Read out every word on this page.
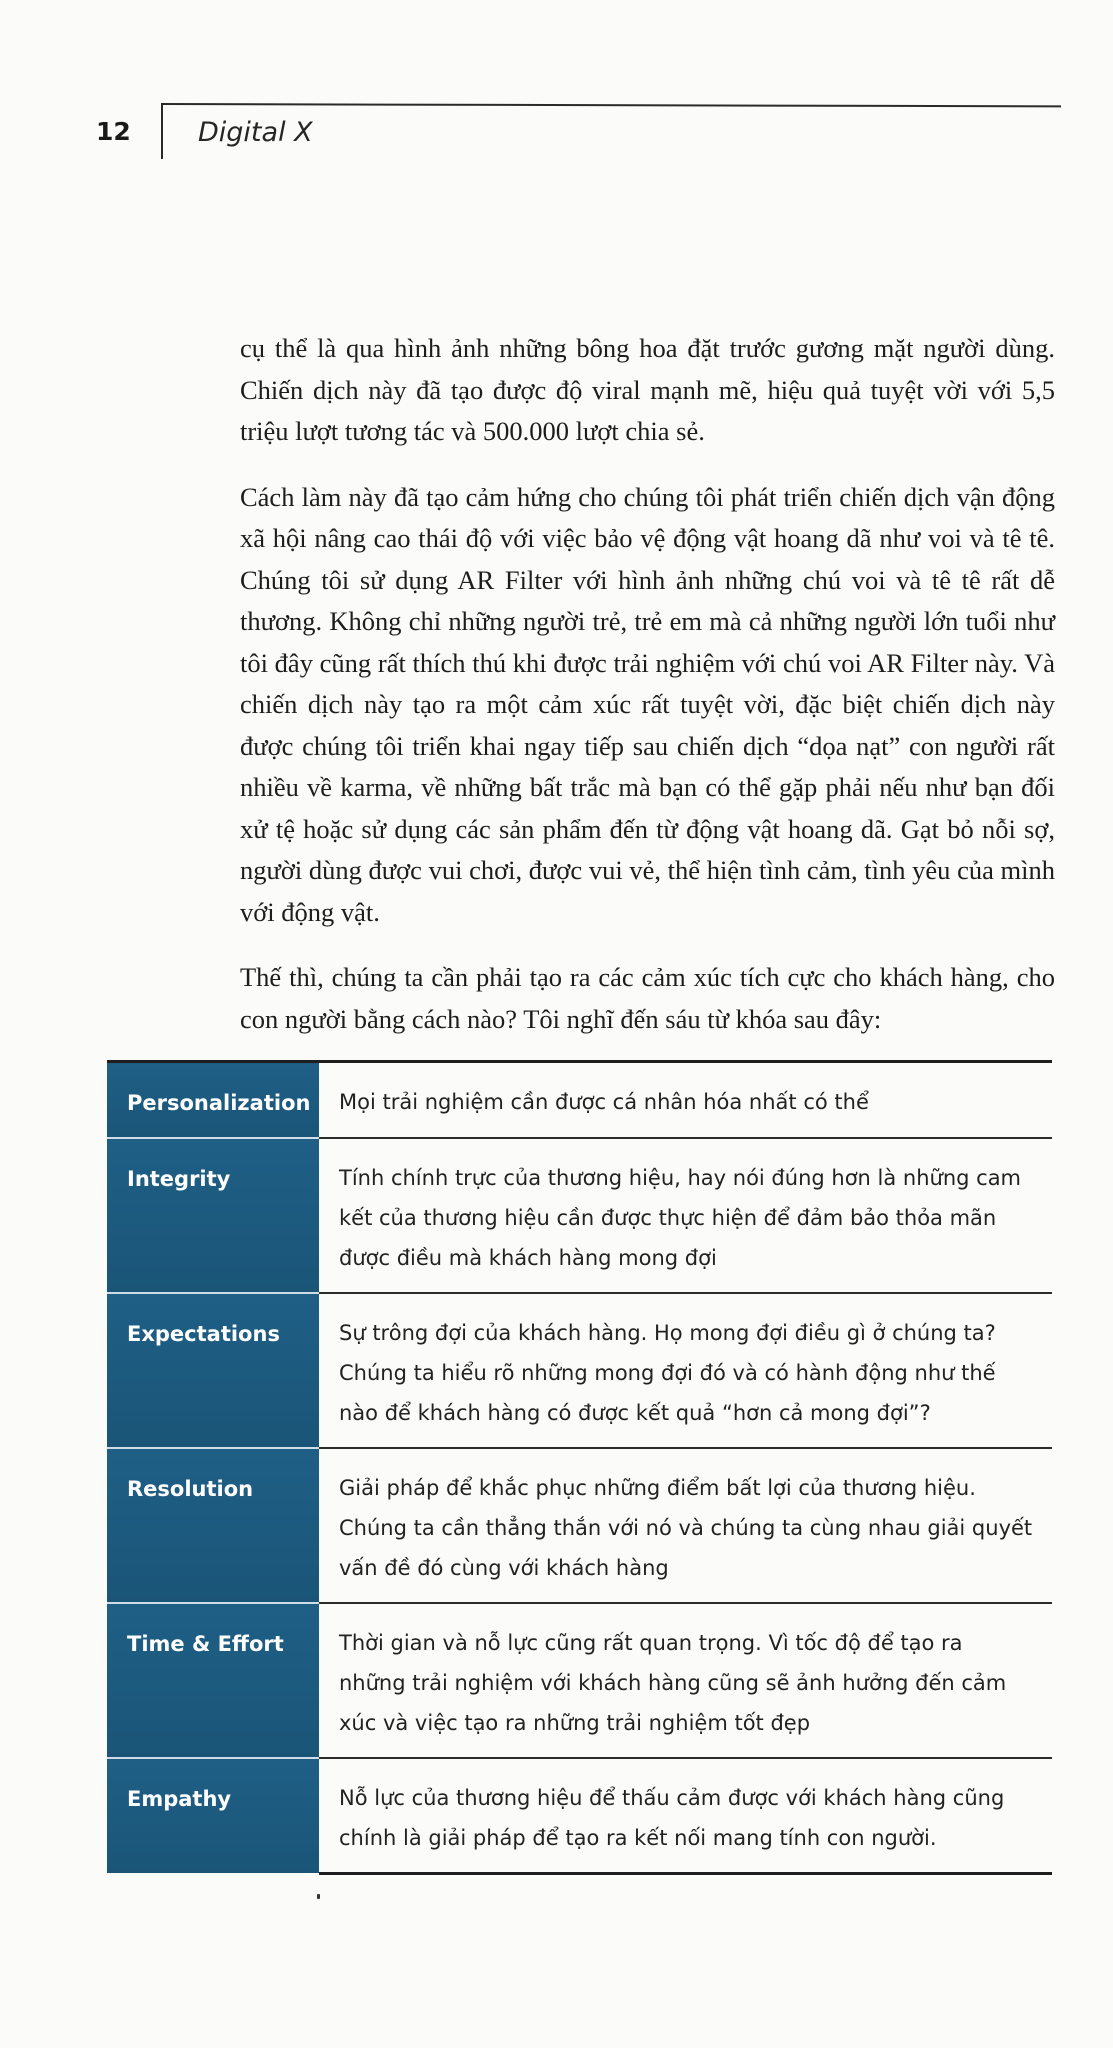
12 Digital X

cụ thể là qua hình ảnh những bông hoa đặt trước gương mặt người dùng. Chiến dịch này đã tạo được độ viral mạnh mẽ, hiệu quả tuyệt vời với 5,5 triệu lượt tương tác và 500.000 lượt chia sẻ.

Cách làm này đã tạo cảm hứng cho chúng tôi phát triển chiến dịch vận động xã hội nâng cao thái độ với việc bảo vệ động vật hoang dã như voi và tê tê. Chúng tôi sử dụng AR Filter với hình ảnh những chú voi và tê tê rất dễ thương. Không chỉ những người trẻ, trẻ em mà cả những người lớn tuổi như tôi đây cũng rất thích thú khi được trải nghiệm với chú voi AR Filter này. Và chiến dịch này tạo ra một cảm xúc rất tuyệt vời, đặc biệt chiến dịch này được chúng tôi triển khai ngay tiếp sau chiến dịch “dọa nạt” con người rất nhiều về karma, về những bất trắc mà bạn có thể gặp phải nếu như bạn đối xử tệ hoặc sử dụng các sản phẩm đến từ động vật hoang dã. Gạt bỏ nỗi sợ, người dùng được vui chơi, được vui vẻ, thể hiện tình cảm, tình yêu của mình với động vật.

Thế thì, chúng ta cần phải tạo ra các cảm xúc tích cực cho khách hàng, cho con người bằng cách nào? Tôi nghĩ đến sáu từ khóa sau đây:

Personalization	Mọi trải nghiệm cần được cá nhân hóa nhất có thể
Integrity	Tính chính trực của thương hiệu, hay nói đúng hơn là những cam kết của thương hiệu cần được thực hiện để đảm bảo thỏa mãn được điều mà khách hàng mong đợi
Expectations	Sự trông đợi của khách hàng. Họ mong đợi điều gì ở chúng ta? Chúng ta hiểu rõ những mong đợi đó và có hành động như thế nào để khách hàng có được kết quả “hơn cả mong đợi”?
Resolution	Giải pháp để khắc phục những điểm bất lợi của thương hiệu. Chúng ta cần thẳng thắn với nó và chúng ta cùng nhau giải quyết vấn đề đó cùng với khách hàng
Time & Effort	Thời gian và nỗ lực cũng rất quan trọng. Vì tốc độ để tạo ra những trải nghiệm với khách hàng cũng sẽ ảnh hưởng đến cảm xúc và việc tạo ra những trải nghiệm tốt đẹp
Empathy	Nỗ lực của thương hiệu để thấu cảm được với khách hàng cũng chính là giải pháp để tạo ra kết nối mang tính con người.
